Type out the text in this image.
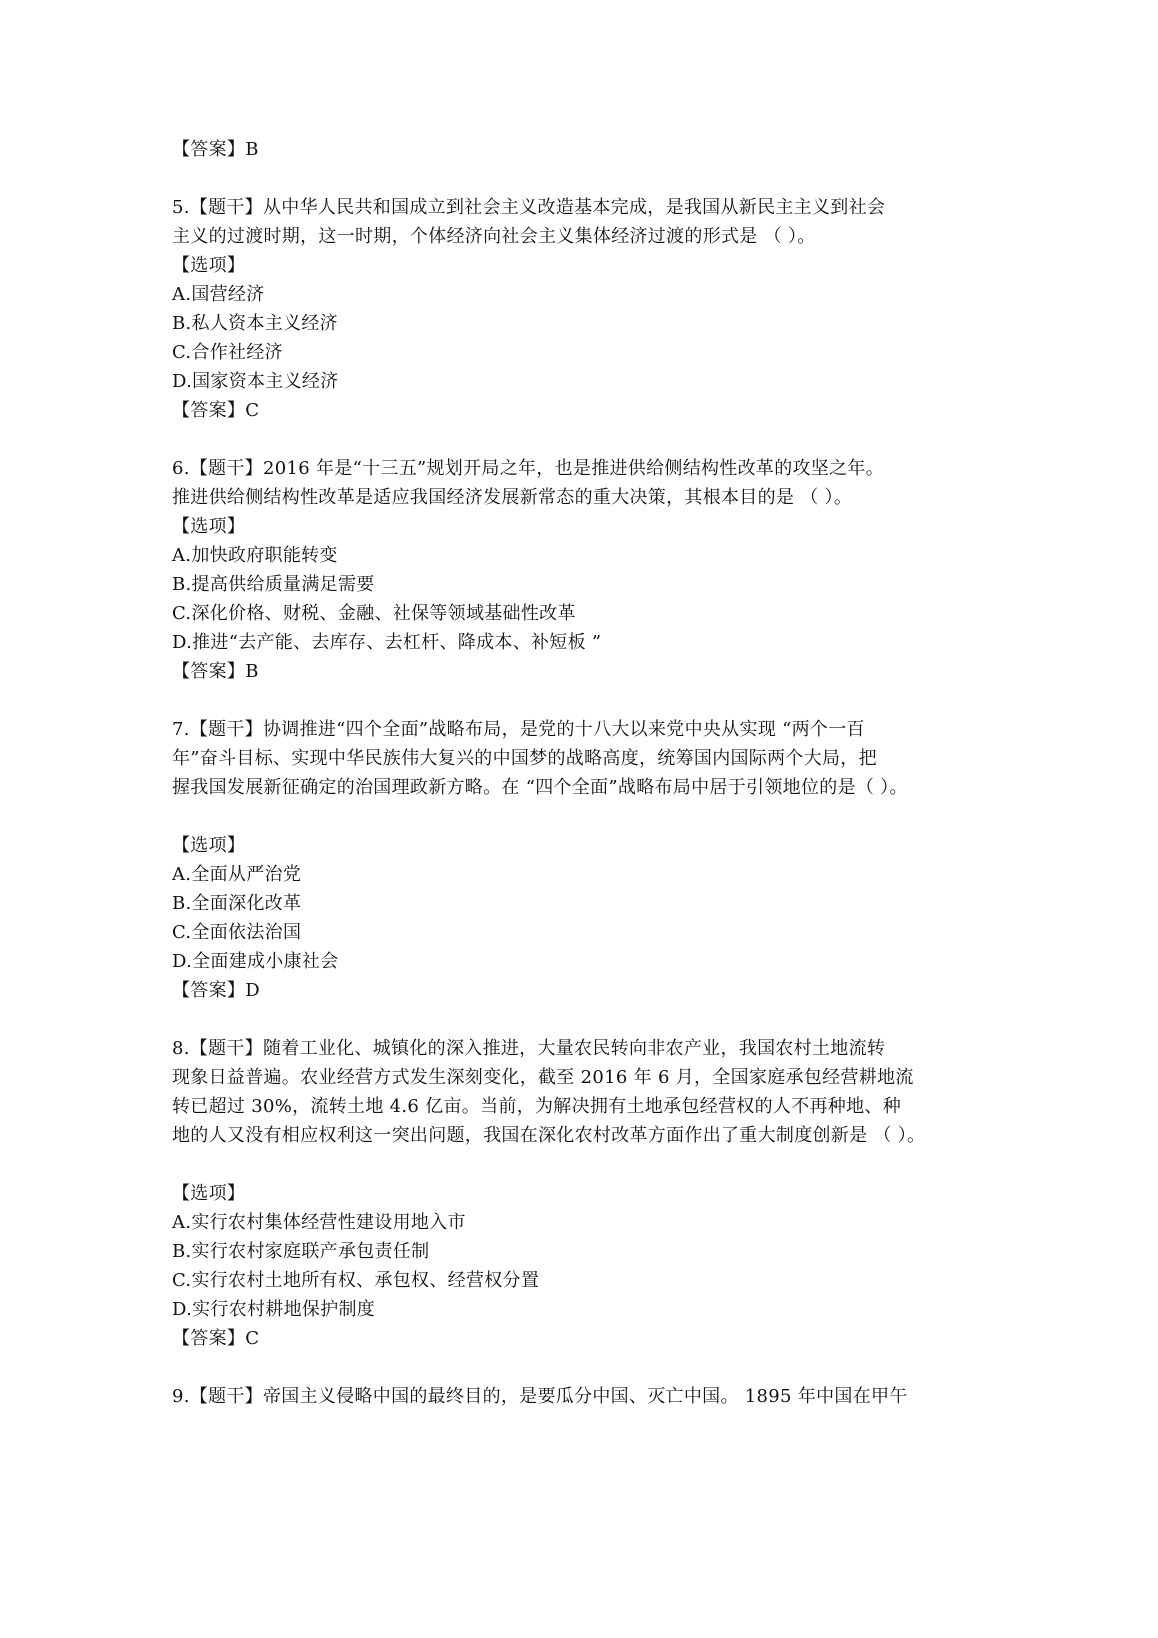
【答案】B
5.【题干】从中华人民共和国成立到社会主义改造基本完成，是我国从新民主主义到社会
主义的过渡时期，这一时期，个体经济向社会主义集体经济过渡的形式是 （ ）。
【选项】
A.国营经济
B.私人资本主义经济
C.合作社经济
D.国家资本主义经济
【答案】C
6.【题干】2016 年是“十三五”规划开局之年，也是推进供给侧结构性改革的攻坚之年。
推进供给侧结构性改革是适应我国经济发展新常态的重大决策，其根本目的是 （ ）。
【选项】
A.加快政府职能转变
B.提高供给质量满足需要
C.深化价格、财税、金融、社保等领域基础性改革
D.推进“去产能、去库存、去杠杆、降成本、补短板 ”
【答案】B
7.【题干】协调推进“四个全面”战略布局，是党的十八大以来党中央从实现 “两个一百
年”奋斗目标、实现中华民族伟大复兴的中国梦的战略高度，统筹国内国际两个大局，把
握我国发展新征确定的治国理政新方略。在 “四个全面”战略布局中居于引领地位的是（ ）。
【选项】
A.全面从严治党
B.全面深化改革
C.全面依法治国
D.全面建成小康社会
【答案】D
8.【题干】随着工业化、城镇化的深入推进，大量农民转向非农产业，我国农村土地流转
现象日益普遍。农业经营方式发生深刻变化，截至 2016 年 6 月，全国家庭承包经营耕地流
转已超过 30%，流转土地 4.6 亿亩。当前，为解决拥有土地承包经营权的人不再种地、种
地的人又没有相应权利这一突出问题，我国在深化农村改革方面作出了重大制度创新是 （ ）。
【选项】
A.实行农村集体经营性建设用地入市
B.实行农村家庭联产承包责任制
C.实行农村土地所有权、承包权、经营权分置
D.实行农村耕地保护制度
【答案】C
9.【题干】帝国主义侵略中国的最终目的，是要瓜分中国、灭亡中国。 1895 年中国在甲午
